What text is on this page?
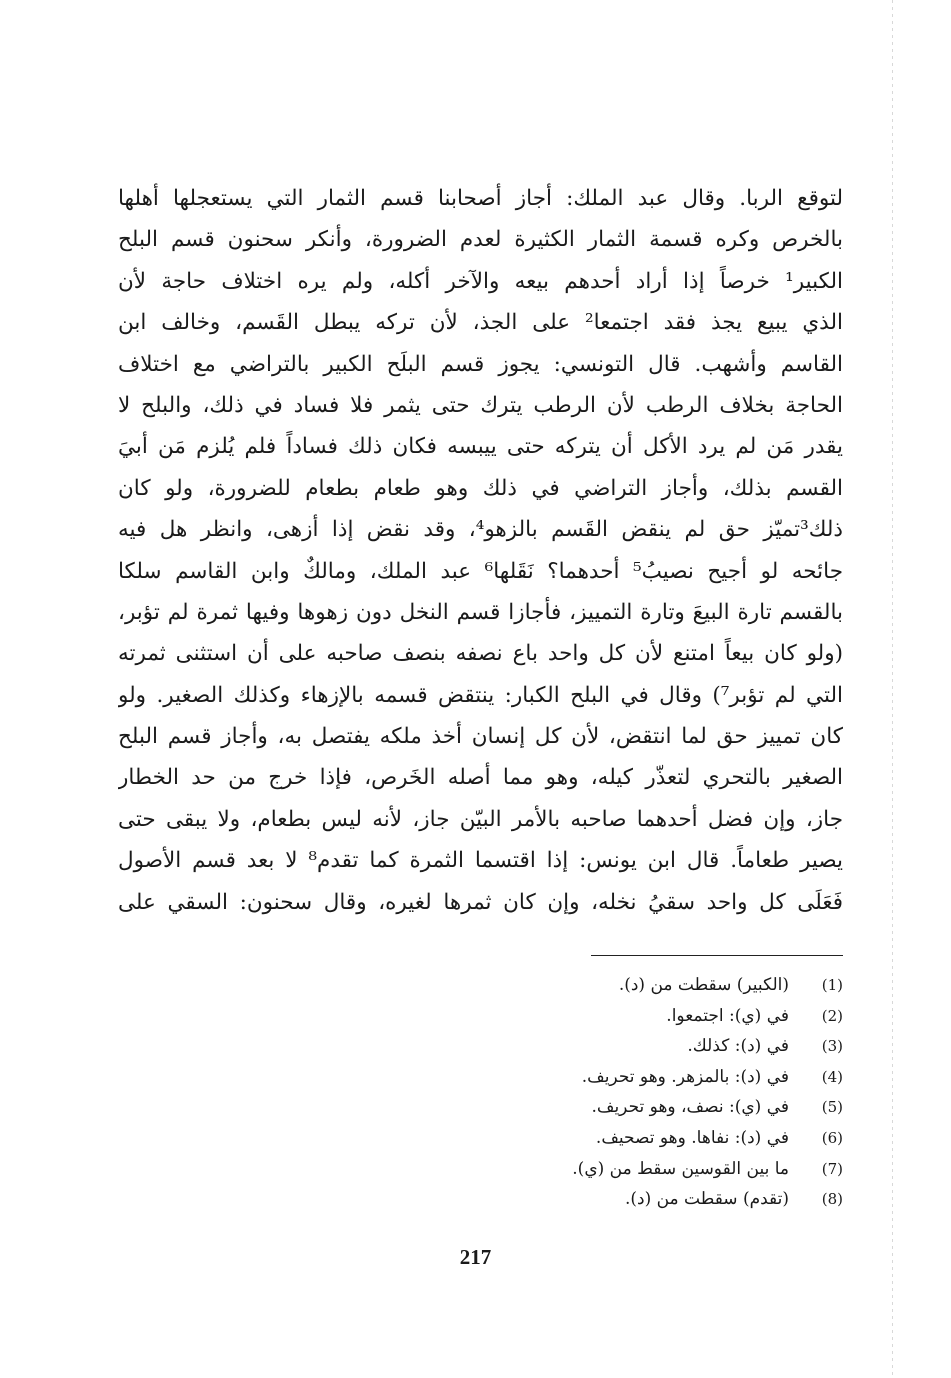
لتوقع الربا. وقال عبد الملك: أجاز أصحابنا قسم الثمار التي يستعجلها أهلها
بالخرص وكره قسمة الثمار الكثيرة لعدم الضرورة، وأنكر سحنون قسم البلح
الكبير¹ خرصاً إذا أراد أحدهم بيعه والآخر أكله، ولم يره اختلاف حاجة لأن
الذي يبيع يجذ فقد اجتمعا² على الجذ، لأن تركه يبطل القَسم، وخالف ابن
القاسم وأشهب. قال التونسي: يجوز قسم البلَح الكبير بالتراضي مع اختلاف
الحاجة بخلاف الرطب لأن الرطب يترك حتى يثمر فلا فساد في ذلك، والبلح لا
يقدر مَن لم يرد الأكل أن يتركه حتى ييبسه فكان ذلك فساداً فلم يُلزم مَن أبيَ
القسم بذلك، وأجاز التراضي في ذلك وهو طعام بطعام للضرورة، ولو كان
ذلك³تميّز حق لم ينقض القَسم بالزهو⁴، وقد نقض إذا أزهى، وانظر هل فيه
جائحه لو أجيح نصيبُ⁵ أحدهما؟ نَقَلها⁶ عبد الملك، ومالكٌ وابن القاسم سلكا
بالقسم تارة البيعَ وتارة التمييز، فأجازا قسم النخل دون زهوها وفيها ثمرة لم تؤبر،
(ولو كان بيعاً امتنع لأن كل واحد باع نصفه بنصف صاحبه على أن استثنى ثمرته
التي لم تؤبر⁷) وقال في البلح الكبار: ينتقض قسمه بالإزهاء وكذلك الصغير. ولو
كان تمييز حق لما انتقض، لأن كل إنسان أخذ ملكه يفتصل به، وأجاز قسم البلح
الصغير بالتحري لتعذّر كيله، وهو مما أصله الخَرص، فإذا خرج من حد الخطار
جاز، وإن فضل أحدهما صاحبه بالأمر البيّن جاز، لأنه ليس بطعام، ولا يبقى حتى
يصير طعاماً. قال ابن يونس: إذا اقتسما الثمرة كما تقدم⁸ لا بعد قسم الأصول
فَعَلَى كل واحد سقيُ نخله، وإن كان ثمرها لغيره، وقال سحنون: السقي على
(1)
(الكبير) سقطت من (د).
(2)
في (ي): اجتمعوا.
(3)
في (د): كذلك.
(4)
في (د): بالمزهر. وهو تحريف.
(5)
في (ي): نصف، وهو تحريف.
(6)
في (د): نفاها. وهو تصحيف.
(7)
ما بين القوسين سقط من (ي).
(8)
(تقدم) سقطت من (د).
217
